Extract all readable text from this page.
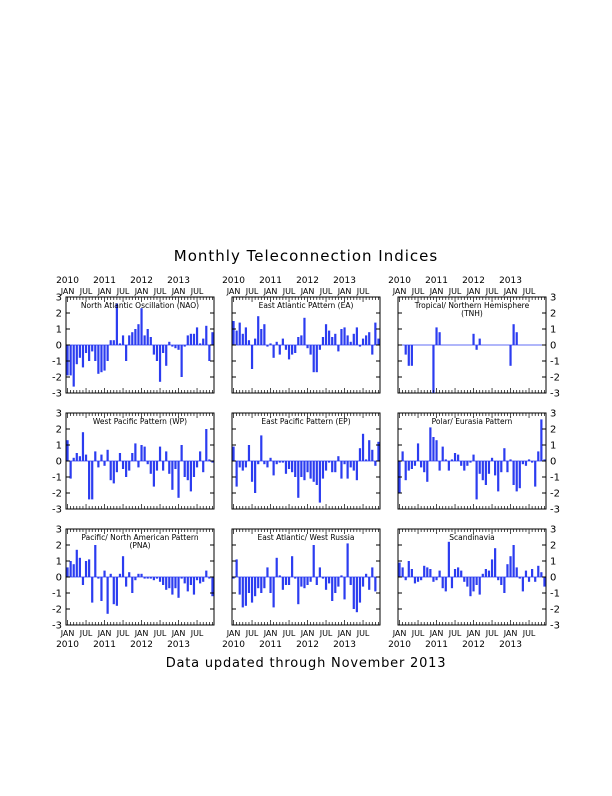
Monthly Teleconnection Indices
Data updated through November 2013
-3
-2
-1
0
1
2
3
North Atlantic Oscillation (NAO)
2010 2011 2012 2013
JAN JUL JAN JUL JAN JUL JAN JUL
East Atlantic PAttern (EA)
2010 2011 2012 2013
JAN JUL JAN JUL JAN JUL JAN JUL
-3
-2
-1
0
1
2
3
Tropical/ Northern Hemisphere
(TNH)
2010 2011 2012 2013
JAN JUL JAN JUL JAN JUL JAN JUL
-3
-2
-1
0
1
2
3
West Pacific Pattern (WP)	East Pacific Pattern (EP)
-3
-2
-1
0
1
2
3
Polar/ Eurasia Pattern
-3
-2
-1
0
1
2
3
Pacific/ North American Pattern
(PNA)
JAN JUL JAN JUL JAN JUL JAN JUL
2010 2011 2012 2013
East Atlantic/ West Russia
JAN JUL JAN JUL JAN JUL JAN JUL
2010 2011 2012 2013
-3
-2
-1
0
1
2
3
Scandinavia
JAN JUL JAN JUL JAN JUL JAN JUL
2010 2011 2012 2013
